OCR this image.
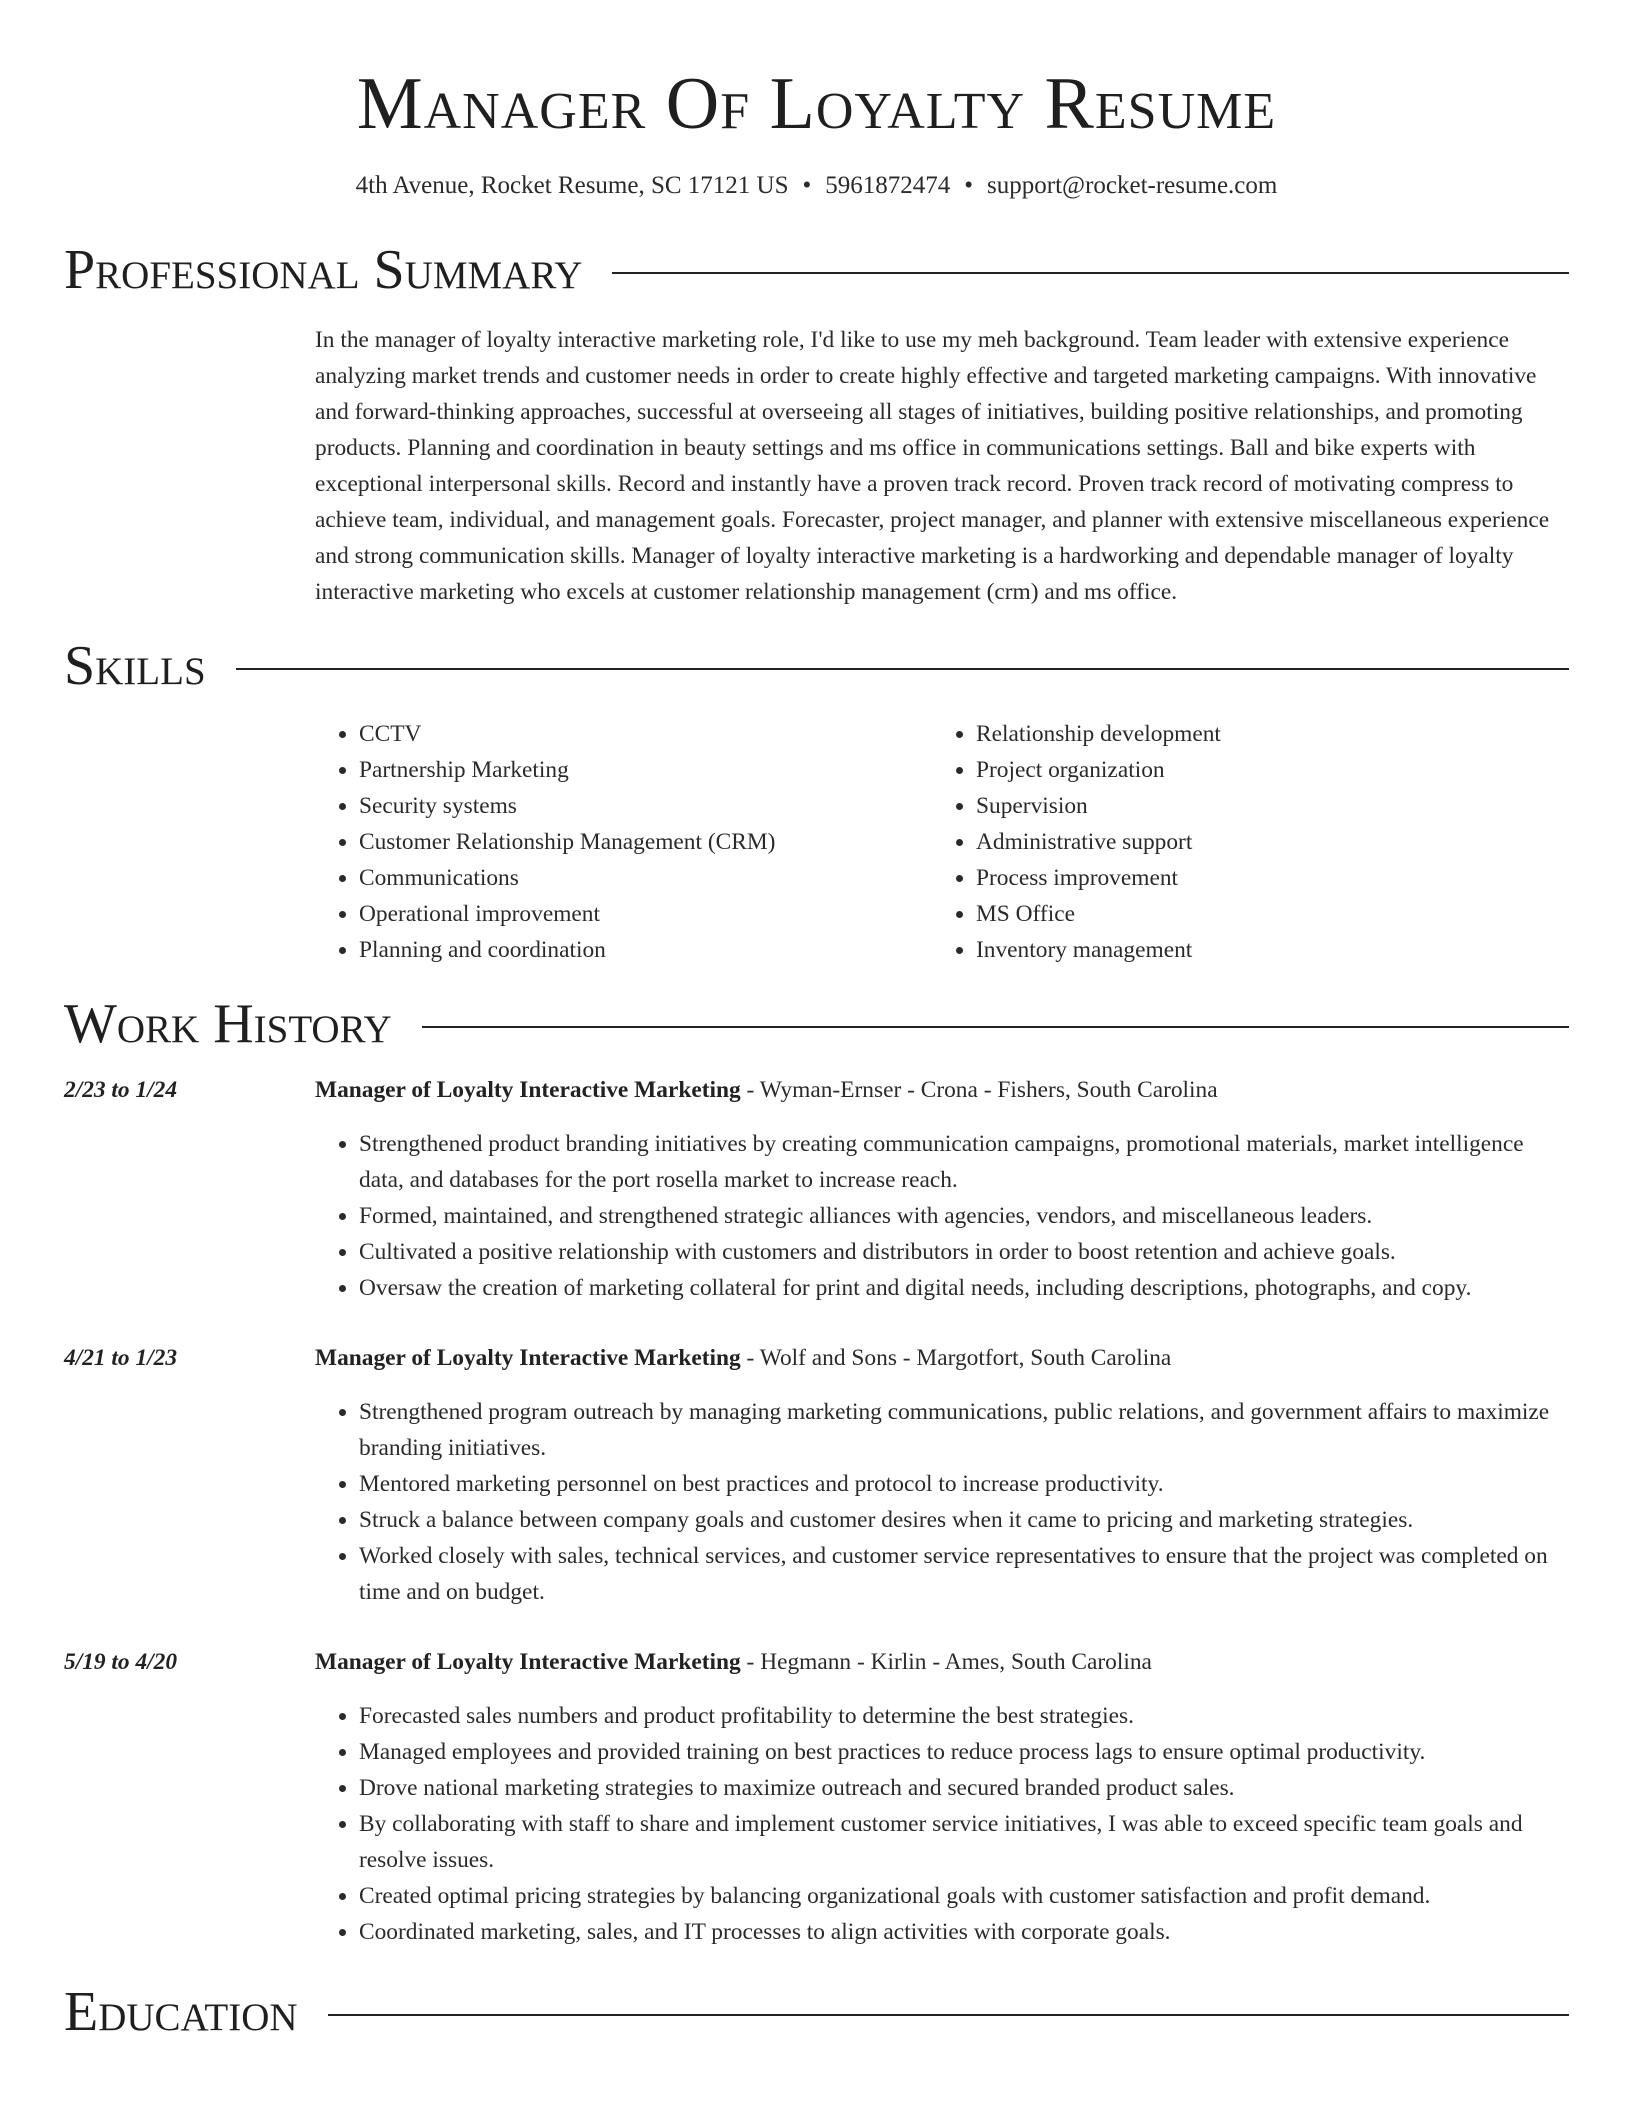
Manager Of Loyalty Resume
4th Avenue, Rocket Resume, SC 17121 US • 5961872474 • support@rocket-resume.com
Professional Summary
In the manager of loyalty interactive marketing role, I'd like to use my meh background. Team leader with extensive experience analyzing market trends and customer needs in order to create highly effective and targeted marketing campaigns. With innovative and forward-thinking approaches, successful at overseeing all stages of initiatives, building positive relationships, and promoting products. Planning and coordination in beauty settings and ms office in communications settings. Ball and bike experts with exceptional interpersonal skills. Record and instantly have a proven track record. Proven track record of motivating compress to achieve team, individual, and management goals. Forecaster, project manager, and planner with extensive miscellaneous experience and strong communication skills. Manager of loyalty interactive marketing is a hardworking and dependable manager of loyalty interactive marketing who excels at customer relationship management (crm) and ms office.
Skills
• CCTV
• Partnership Marketing
• Security systems
• Customer Relationship Management (CRM)
• Communications
• Operational improvement
• Planning and coordination
• Relationship development
• Project organization
• Supervision
• Administrative support
• Process improvement
• MS Office
• Inventory management
Work History
2/23 to 1/24	Manager of Loyalty Interactive Marketing - Wyman-Ernser - Crona - Fishers, South Carolina
• Strengthened product branding initiatives by creating communication campaigns, promotional materials, market intelligence data, and databases for the port rosella market to increase reach.
• Formed, maintained, and strengthened strategic alliances with agencies, vendors, and miscellaneous leaders.
• Cultivated a positive relationship with customers and distributors in order to boost retention and achieve goals.
• Oversaw the creation of marketing collateral for print and digital needs, including descriptions, photographs, and copy.
4/21 to 1/23	Manager of Loyalty Interactive Marketing - Wolf and Sons - Margotfort, South Carolina
• Strengthened program outreach by managing marketing communications, public relations, and government affairs to maximize branding initiatives.
• Mentored marketing personnel on best practices and protocol to increase productivity.
• Struck a balance between company goals and customer desires when it came to pricing and marketing strategies.
• Worked closely with sales, technical services, and customer service representatives to ensure that the project was completed on time and on budget.
5/19 to 4/20	Manager of Loyalty Interactive Marketing - Hegmann - Kirlin - Ames, South Carolina
• Forecasted sales numbers and product profitability to determine the best strategies.
• Managed employees and provided training on best practices to reduce process lags to ensure optimal productivity.
• Drove national marketing strategies to maximize outreach and secured branded product sales.
• By collaborating with staff to share and implement customer service initiatives, I was able to exceed specific team goals and resolve issues.
• Created optimal pricing strategies by balancing organizational goals with customer satisfaction and profit demand.
• Coordinated marketing, sales, and IT processes to align activities with corporate goals.
Education
